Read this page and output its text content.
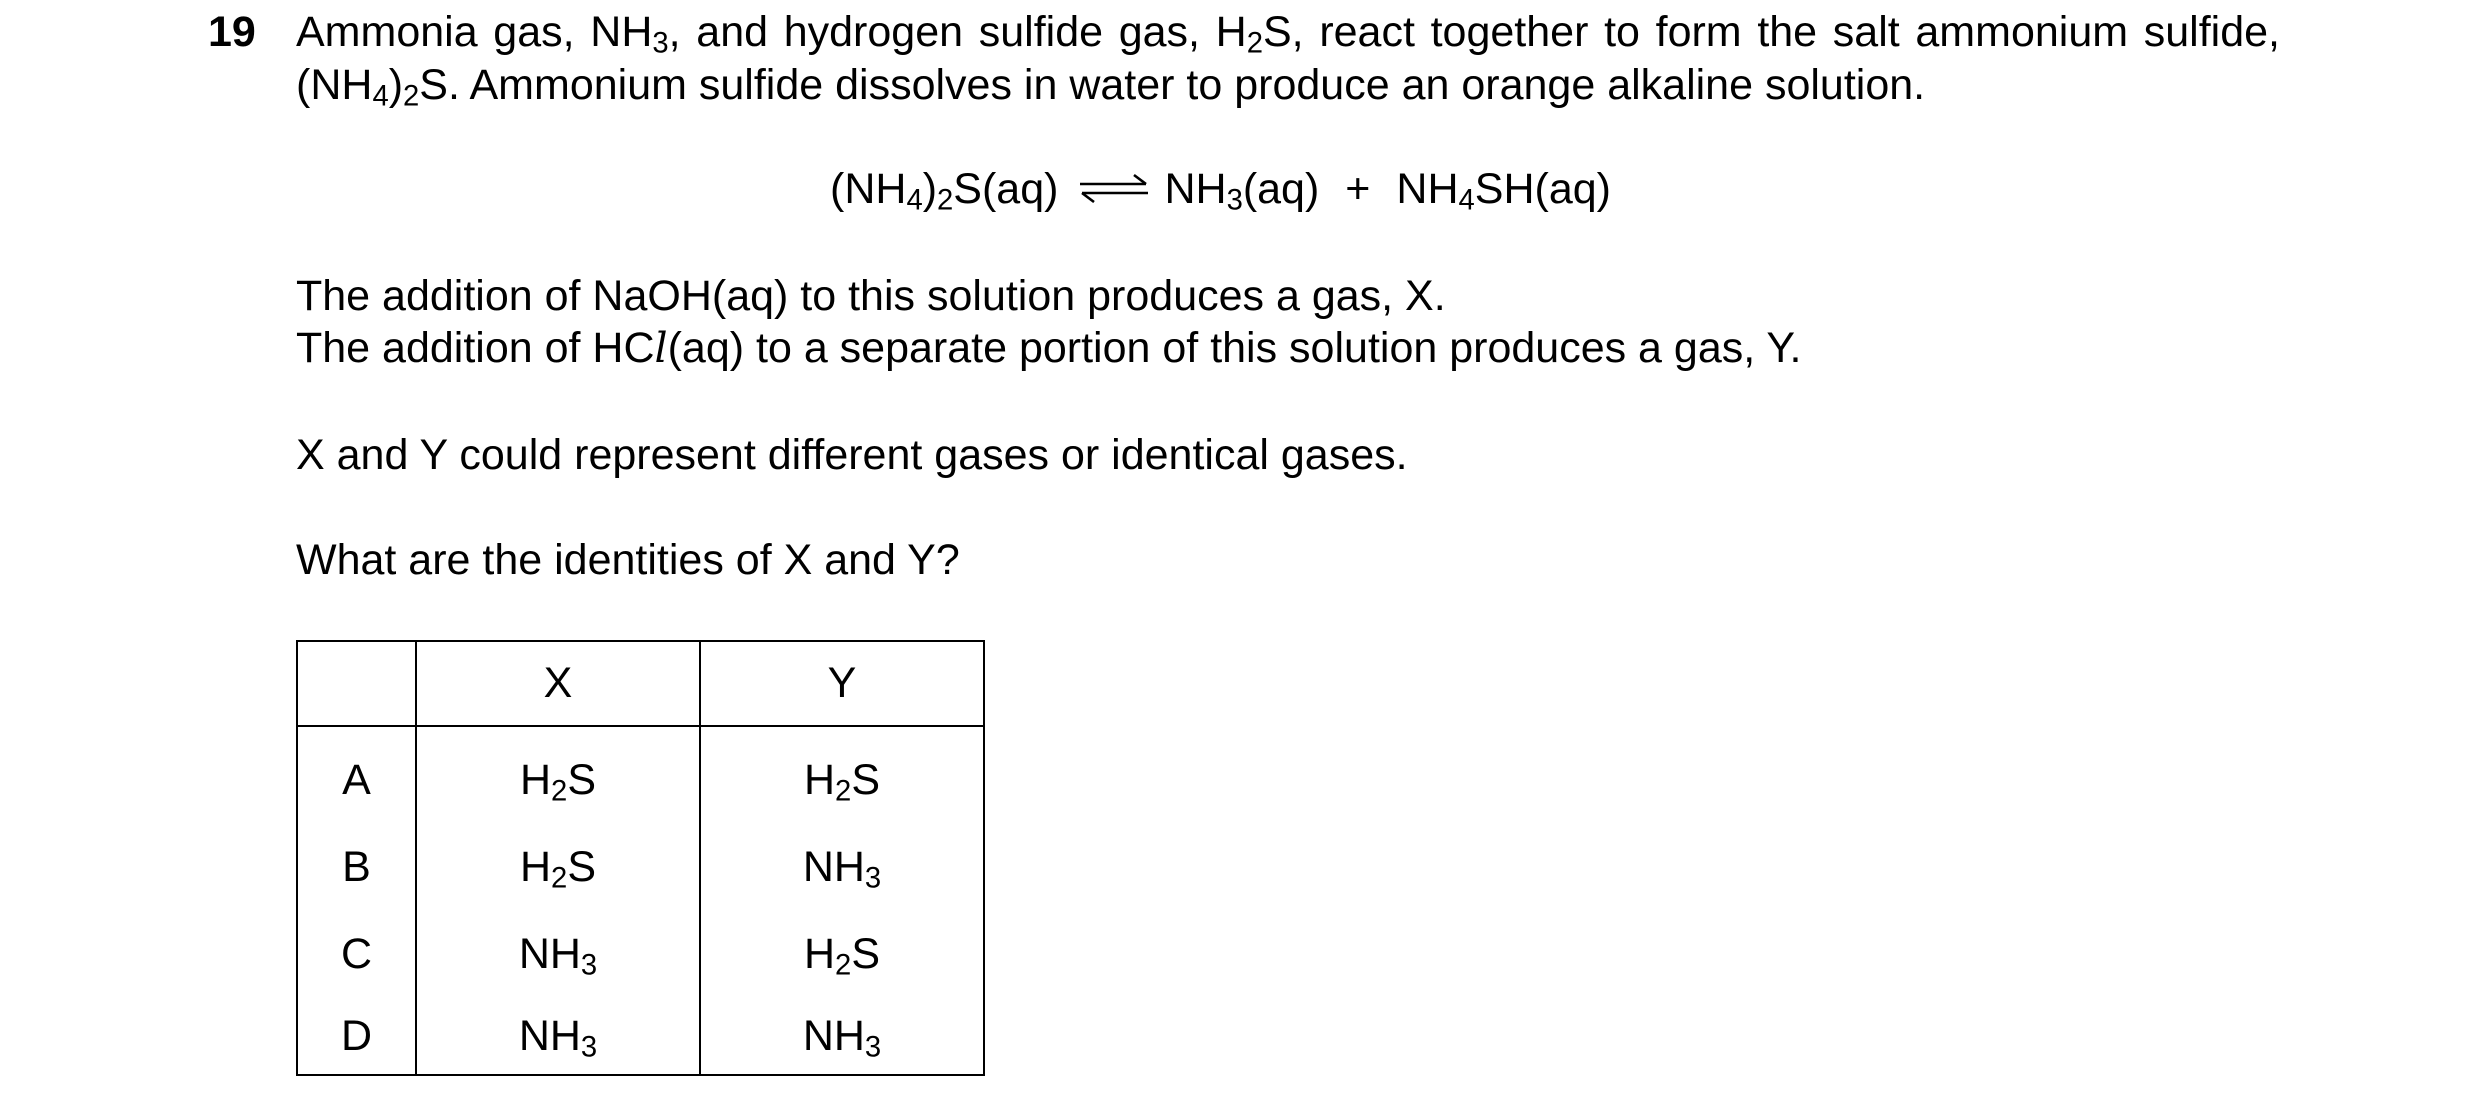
19 Ammonia gas, $NH_3$, and hydrogen sulfide gas, $H_2S$, react together to form the salt ammonium sulfide, $(NH_4)_2S$. Ammonium sulfide dissolves in water to produce an orange alkaline solution.
$(NH_4)_2S(aq)$ ⇌ $NH_3(aq) + NH_4SH(aq)$
The addition of NaOH(aq) to this solution produces a gas, X.
The addition of HCl(aq) to a separate portion of this solution produces a gas, Y.
X and Y could represent different gases or identical gases.
What are the identities of X and Y?
	X	Y
A	$H_2S$	$H_2S$
B	$H_2S$	$NH_3$
C	$NH_3$	$H_2S$
D	$NH_3$	$NH_3$
